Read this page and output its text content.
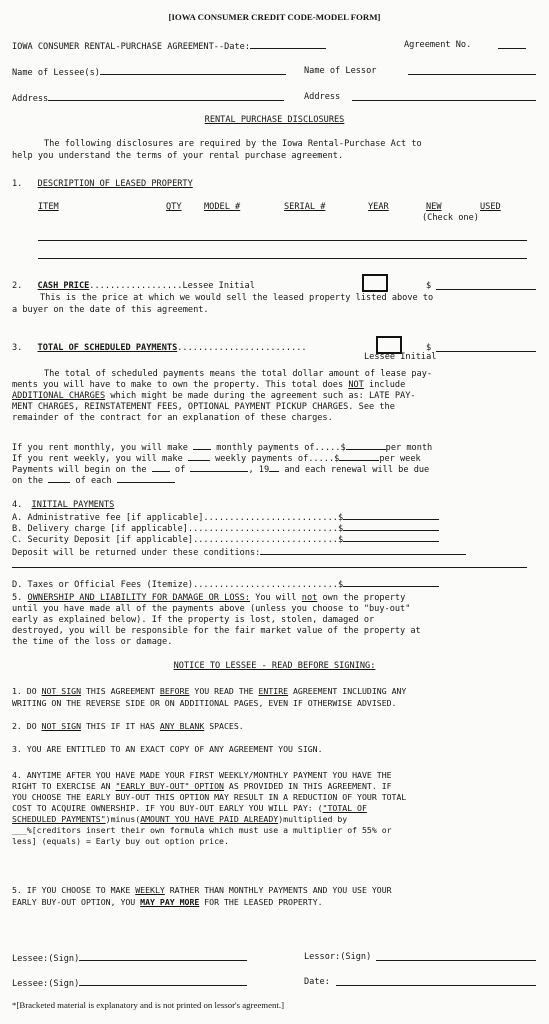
[IOWA CONSUMER CREDIT CODE-MODEL FORM]
IOWA CONSUMER RENTAL-PURCHASE AGREEMENT--Date:	Agreement No.
Name of Lessee(s)	Name of Lessor
Address	Address
RENTAL PURCHASE DISCLOSURES
The following disclosures are required by the Iowa Rental-Purchase Act to
help you understand the terms of your rental purchase agreement.
1. DESCRIPTION OF LEASED PROPERTY
ITEM	QTY	MODEL #	SERIAL #	YEAR	NEW	USED
(Check one)
2. CASH PRICE..................Lessee Initial	$
This is the price at which we would sell the leased property listed above to
a buyer on the date of this agreement.
3. TOTAL OF SCHEDULED PAYMENTS.........................	$
Lessee Initial
The total of scheduled payments means the total dollar amount of lease pay-
ments you will have to make to own the property. This total does NOT include
ADDITIONAL CHARGES which might be made during the agreement such as: LATE PAY-
MENT CHARGES, REINSTATEMENT FEES, OPTIONAL PAYMENT PICKUP CHARGES. See the
remainder of the contract for an explanation of these charges.
If you rent monthly, you will make	monthly payments of.....$	per month
If you rent weekly, you will make	weekly payments of.....$	per week
Payments will begin on the	of	, 19 and each renewal will be due
on the	of each
4. INITIAL PAYMENTS
A. Administrative fee [if applicable]..........................$
B. Delivery charge [if applicable].............................$
C. Security Deposit [if applicable]............................$
Deposit will be returned under these conditions:
D. Taxes or Official Fees (Itemize)............................$
5. OWNERSHIP AND LIABILITY FOR DAMAGE OR LOSS: You will not own the property
until you have made all of the payments above (unless you choose to "buy-out"
early as explained below). If the property is lost, stolen, damaged or
destroyed, you will be responsible for the fair market value of the property at
the time of the loss or damage.
NOTICE TO LESSEE - READ BEFORE SIGNING:
1. DO NOT SIGN THIS AGREEMENT BEFORE YOU READ THE ENTIRE AGREEMENT INCLUDING ANY
WRITING ON THE REVERSE SIDE OR ON ADDITIONAL PAGES, EVEN IF OTHERWISE ADVISED.
2. DO NOT SIGN THIS IF IT HAS ANY BLANK SPACES.
3. YOU ARE ENTITLED TO AN EXACT COPY OF ANY AGREEMENT YOU SIGN.
4. ANYTIME AFTER YOU HAVE MADE YOUR FIRST WEEKLY/MONTHLY PAYMENT YOU HAVE THE
RIGHT TO EXERCISE AN "EARLY BUY-OUT" OPTION AS PROVIDED IN THIS AGREEMENT. IF
YOU CHOOSE THE EARLY BUY-OUT THIS OPTION MAY RESULT IN A REDUCTION OF YOUR TOTAL
COST TO ACQUIRE OWNERSHIP. IF YOU BUY-OUT EARLY YOU WILL PAY: ("TOTAL OF
SCHEDULED PAYMENTS")minus(AMOUNT YOU HAVE PAID ALREADY)multiplied by
___%[creditors insert their own formula which must use a multiplier of 55% or
less] (equals) = Early buy out option price.
5. IF YOU CHOOSE TO MAKE WEEKLY RATHER THAN MONTHLY PAYMENTS AND YOU USE YOUR
EARLY BUY-OUT OPTION, YOU MAY PAY MORE FOR THE LEASED PROPERTY.
Lessee:(Sign)	Lessor:(Sign)
Lessee:(Sign)	Date:
*[Bracketed material is explanatory and is not printed on lessor's agreement.]
